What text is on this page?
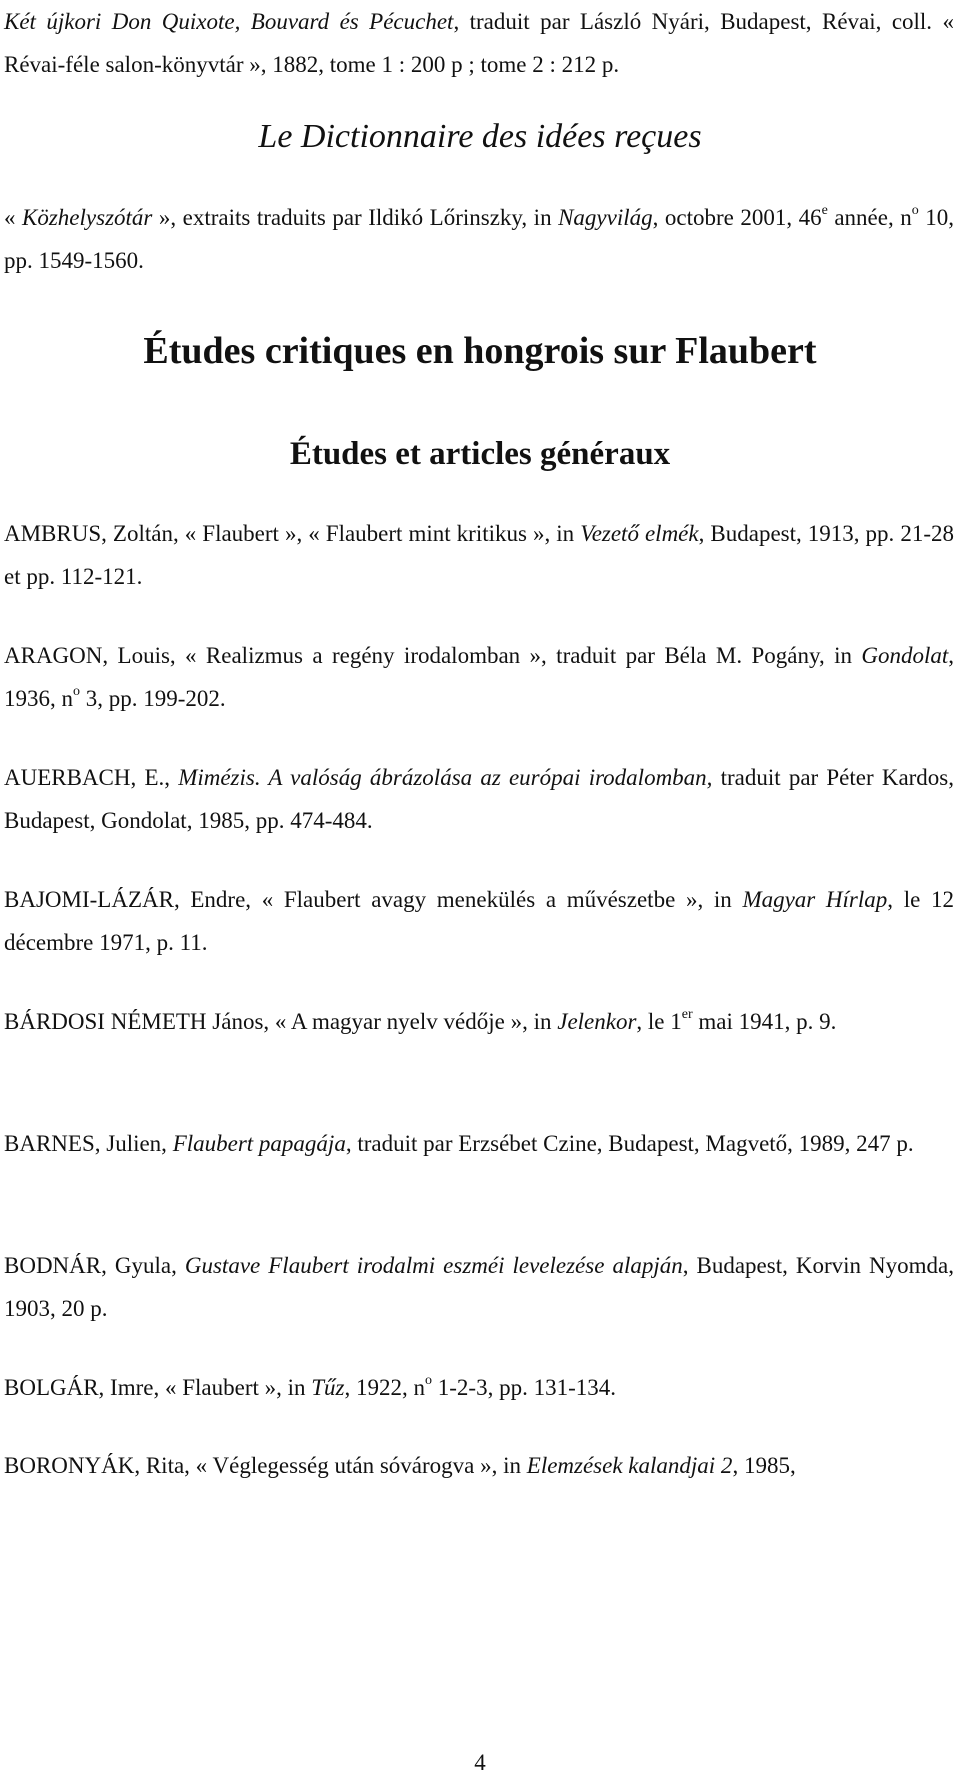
Két újkori Don Quixote, Bouvard és Pécuchet, traduit par László Nyári, Budapest, Révai, coll. « Révai-féle salon-könyvtár », 1882, tome 1 : 200 p ; tome 2 : 212 p.

Le Dictionnaire des idées reçues

« Közhelyszótár », extraits traduits par Ildikó Lőrinszky, in Nagyvilág, octobre 2001, 46e année, $n^o$ 10, pp. 1549-1560.

Études critiques en hongrois sur Flaubert
Études et articles généraux

AMBRUS, Zoltán, « Flaubert », « Flaubert mint kritikus », in Vezető elmék, Budapest, 1913, pp. 21-28 et pp. 112-121.

ARAGON, Louis, « Realizmus a regény irodalomban », traduit par Béla M. Pogány, in Gondolat, 1936, $n^o$ 3, pp. 199-202.

AUERBACH, E., Mimézis. A valóság ábrázolása az európai irodalomban, traduit par Péter Kardos, Budapest, Gondolat, 1985, pp. 474-484.

BAJOMI-LÁZÁR, Endre, « Flaubert avagy menekülés a művészetbe », in Magyar Hírlap, le 12 décembre 1971, p. 11.

BÁRDOSI NÉMETH János, « A magyar nyelv védője », in Jelenkor, le 1er mai 1941, p. 9.

BARNES, Julien, Flaubert papagája, traduit par Erzsébet Czine, Budapest, Magvető, 1989, 247 p.

BODNÁR, Gyula, Gustave Flaubert irodalmi eszméi levelezése alapján, Budapest, Korvin Nyomda, 1903, 20 p.

BOLGÁR, Imre, « Flaubert », in Tűz, 1922, $n^o$ 1-2-3, pp. 131-134.

BORONYÁK, Rita, « Véglegesség után sóvárogva », in Elemzések kalandjai 2, 1985,

4
